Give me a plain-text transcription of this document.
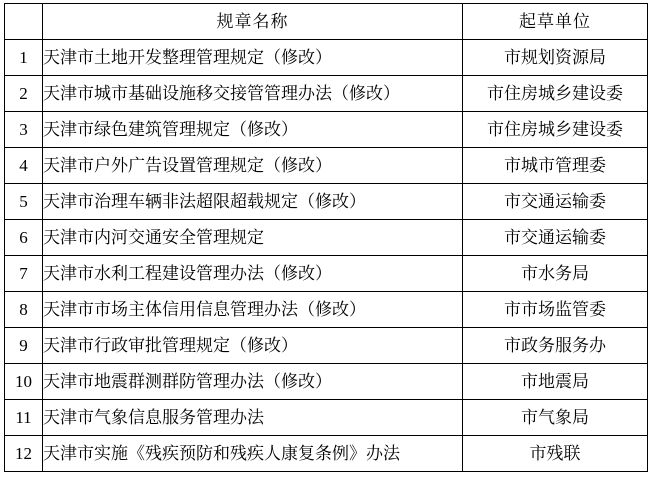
	规章名称	起草单位
1	天津市土地开发整理管理规定（修改）	市规划资源局
2	天津市城市基础设施移交接管管理办法（修改）	市住房城乡建设委
3	天津市绿色建筑管理规定（修改）	市住房城乡建设委
4	天津市户外广告设置管理规定（修改）	市城市管理委
5	天津市治理车辆非法超限超载规定（修改）	市交通运输委
6	天津市内河交通安全管理规定	市交通运输委
7	天津市水利工程建设管理办法（修改）	市水务局
8	天津市市场主体信用信息管理办法（修改）	市市场监管委
9	天津市行政审批管理规定（修改）	市政务服务办
10	天津市地震群测群防管理办法（修改）	市地震局
11	天津市气象信息服务管理办法	市气象局
12	天津市实施《残疾预防和残疾人康复条例》办法	市残联
